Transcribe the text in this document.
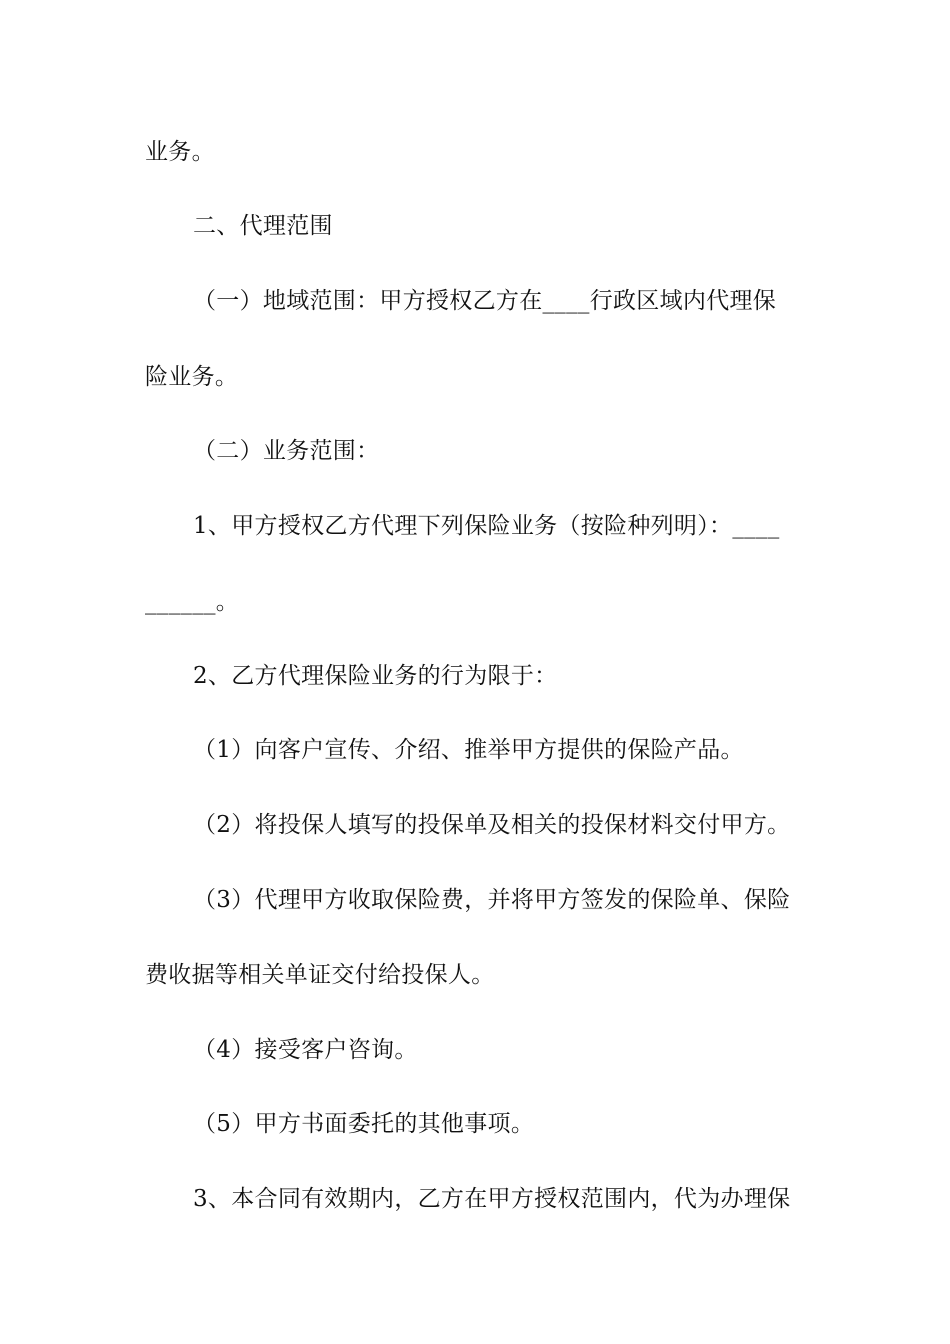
业务。
二、代理范围
（一）地域范围：甲方授权乙方在____行政区域内代理保
险业务。
（二）业务范围：
1、甲方授权乙方代理下列保险业务（按险种列明）：____
______。
2、乙方代理保险业务的行为限于：
（1）向客户宣传、介绍、推举甲方提供的保险产品。
（2）将投保人填写的投保单及相关的投保材料交付甲方。
（3）代理甲方收取保险费，并将甲方签发的保险单、保险
费收据等相关单证交付给投保人。
（4）接受客户咨询。
（5）甲方书面委托的其他事项。
3、本合同有效期内，乙方在甲方授权范围内，代为办理保
